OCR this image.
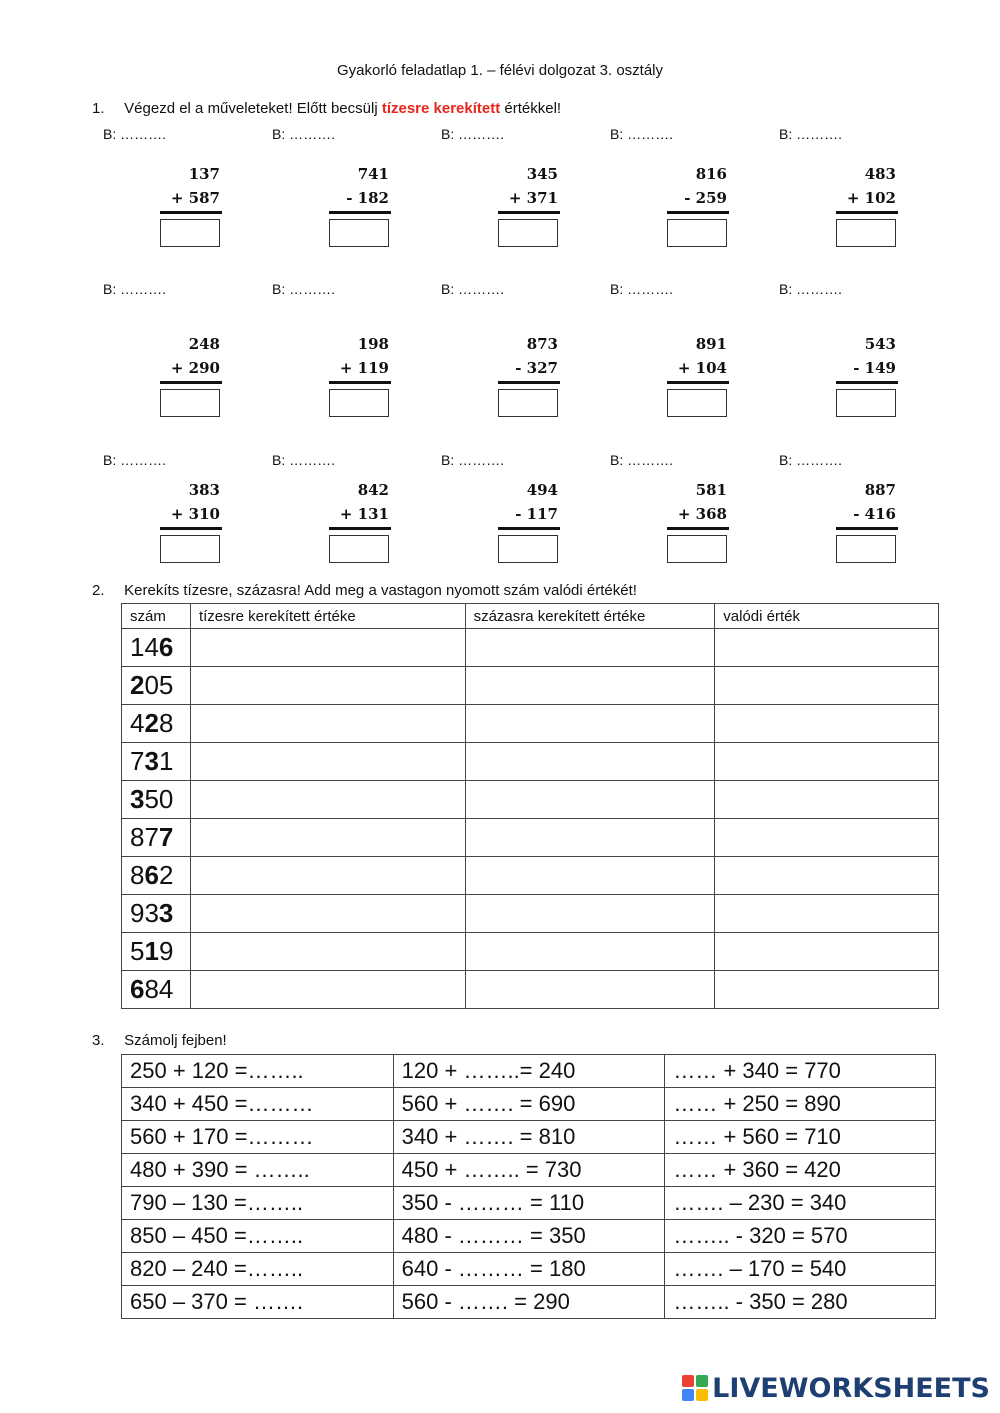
Gyakorló feladatlap 1. – félévi dolgozat 3. osztály
1. Végezd el a műveleteket! Előtt becsülj tízesre kerekített értékkel!
B: ……….
137
+ 587
B: ……….
741
- 182
B: ……….
345
+ 371
B: ……….
816
- 259
B: ……….
483
+ 102
B: ……….
248
+ 290
B: ……….
198
+ 119
B: ……….
873
- 327
B: ……….
891
+ 104
B: ……….
543
- 149
B: ……….
383
+ 310
B: ……….
842
+ 131
B: ……….
494
- 117
B: ……….
581
+ 368
B: ……….
887
- 416
2. Kerekíts tízesre, százasra! Add meg a vastagon nyomott szám valódi értékét!
szám	tízesre kerekített értéke	százasra kerekített értéke	valódi érték
146			
205			
428			
731			
350			
877			
862			
933			
519			
684			
3. Számolj fejben!
250 + 120 =……..	120 + ……..= 240	…… + 340 = 770
340 + 450 =………	560 + ……. = 690	…… + 250 = 890
560 + 170 =………	340 + ……. = 810	…… + 560 = 710
480 + 390 = ……..	450 + …….. = 730	…… + 360 = 420
790 – 130 =……..	350 - ……… = 110	……. – 230 = 340
850 – 450 =……..	480 - ……… = 350	…….. - 320 = 570
820 – 240 =……..	640 - ……… = 180	……. – 170 = 540
650 – 370 = …….	560 - ……. = 290	…….. - 350 = 280
LIVEWORKSHEETS
